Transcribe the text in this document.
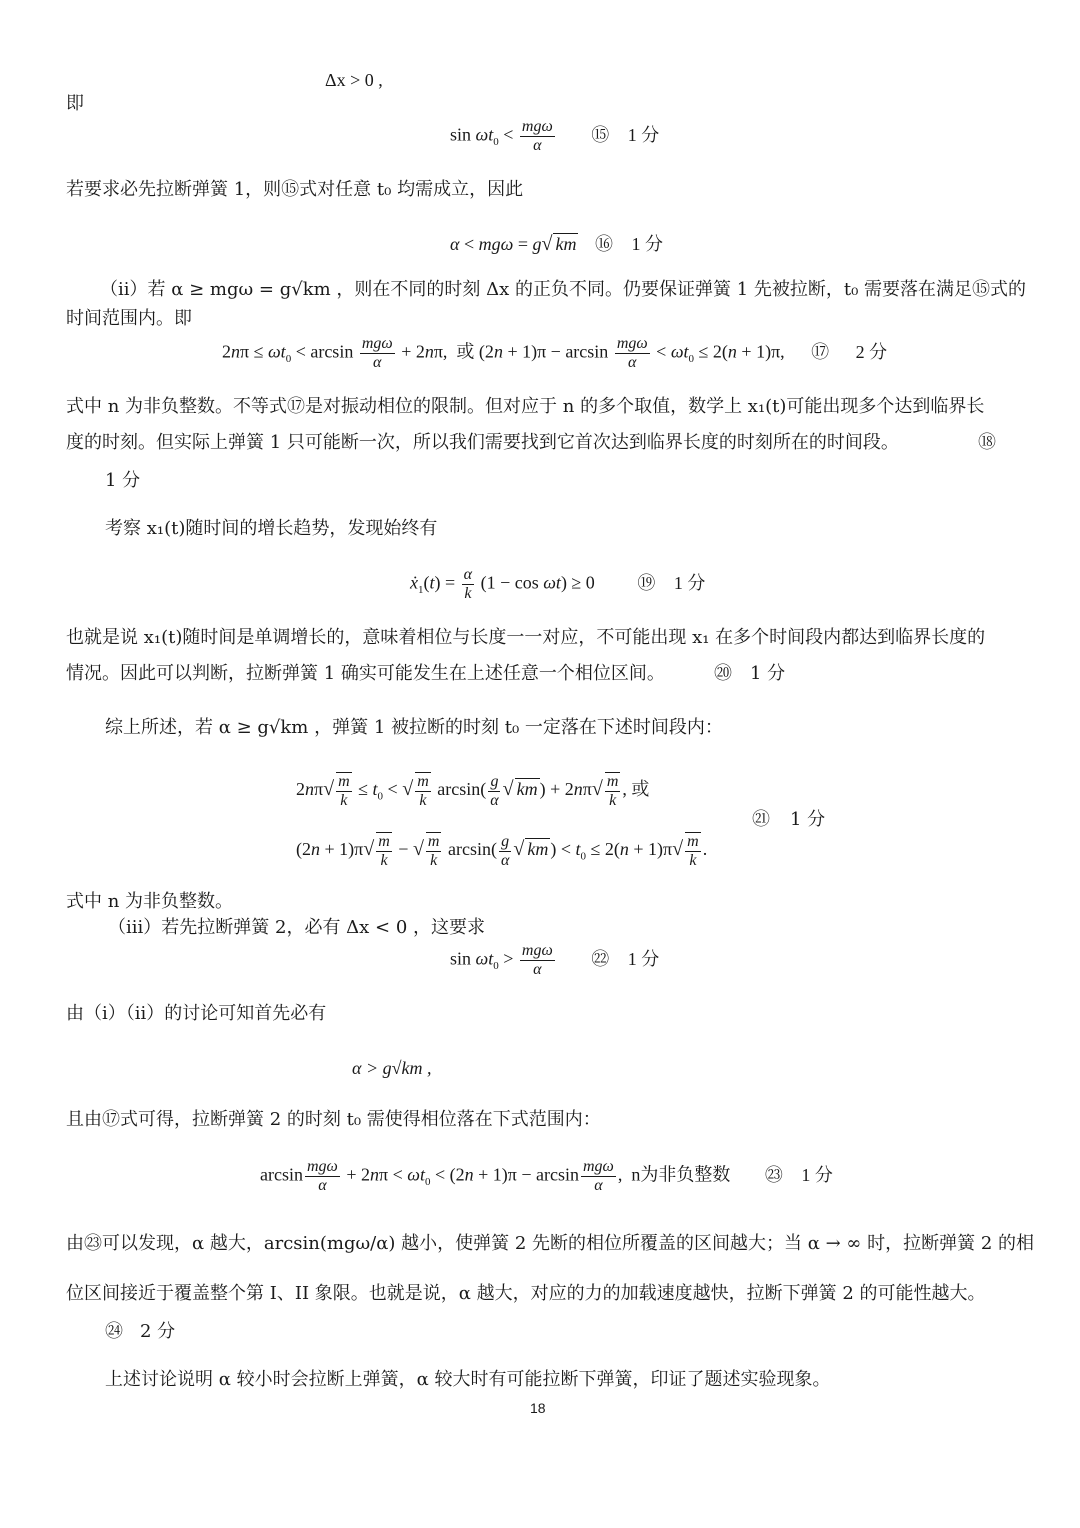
Δx > 0 ,
即
$\sin \omega t_0 < \frac{\text{mgω}}{\alpha}$ ⑮ 1 分
若要求必先拉断弹簧 1，则⑮式对任意 t₀ 均需成立，因此
α < mgω = g√ km ⑯ 1 分
（ii）若 α ≥ mgω = g√km ，则在不同的时刻 Δx 的正负不同。仍要保证弹簧 1 先被拉断，t₀ 需要落在满足⑮式的
时间范围内。即
$2n\pi \le \omega t_0 < \arcsin \frac{\text{mgω}}{\alpha} + 2n\pi$,  或 $(2n + 1)\pi - \arcsin \frac{\text{mgω}}{\alpha} < \omega t_0 \le 2(n + 1)\pi$, ⑰ 2 分
式中 n 为非负整数。不等式⑰是对振动相位的限制。但对应于 n 的多个取值，数学上 x₁(t)可能出现多个达到临界长
度的时刻。但实际上弹簧 1 只可能断一次，所以我们需要找到它首次达到临界长度的时刻所在的时间段。	⑱
1 分
考察 x₁(t)随时间的增长趋势，发现始终有
ẋ$_1$(t) = $\frac{\alpha}{k} (1 - \cos \omega t) \ge 0$ ⑲ 1 分
也就是说 x₁(t)随时间是单调增长的，意味着相位与长度一一对应，不可能出现 x₁ 在多个时间段内都达到临界长度的
情况。因此可以判断，拉断弹簧 1 确实可能发生在上述任意一个相位区间。	⑳ 1 分
综上所述，若 α ≥ g√km ，弹簧 1 被拉断的时刻 t₀ 一定落在下述时间段内：
$2n\pi√ \frac{m}{k} \le t_0$ < √ $\frac{m}{k} \arcsin( \frac{g}{\alpha}$ √ km ) + $2n\pi√ \frac{m}{k}$ , 或
㉑ 1 分
$(2n + 1)\pi√ \frac{m}{k}$ − √ $\frac{m}{k} \arcsin( \frac{g}{\alpha}$ √ km ) < $t_0 \le 2(n + 1)\pi√ \frac{m}{k}$ .
式中 n 为非负整数。
（iii）若先拉断弹簧 2，必有 Δx < 0 ，这要求
$\sin \omega t_0 > \frac{\text{mgω}}{\alpha}$ ㉒ 1 分
由（i）（ii）的讨论可知首先必有
α > g√km ,
且由⑰式可得，拉断弹簧 2 的时刻 t₀ 需使得相位落在下式范围内：
$\arcsin \frac{\text{mgω}}{\alpha} + 2n\pi < \omega t_0 < (2n + 1)\pi - \arcsin \frac{\text{mgω}}{\alpha}$ ,  n为非负整数 ㉓ 1 分
由㉓可以发现，α 越大，arcsin(mgω/α) 越小，使弹簧 2 先断的相位所覆盖的区间越大；当 α → ∞ 时，拉断弹簧 2 的相
位区间接近于覆盖整个第 I、II 象限。也就是说，α 越大，对应的力的加载速度越快，拉断下弹簧 2 的可能性越大。
㉔ 2 分
上述讨论说明 α 较小时会拉断上弹簧，α 较大时有可能拉断下弹簧，印证了题述实验现象。
18
